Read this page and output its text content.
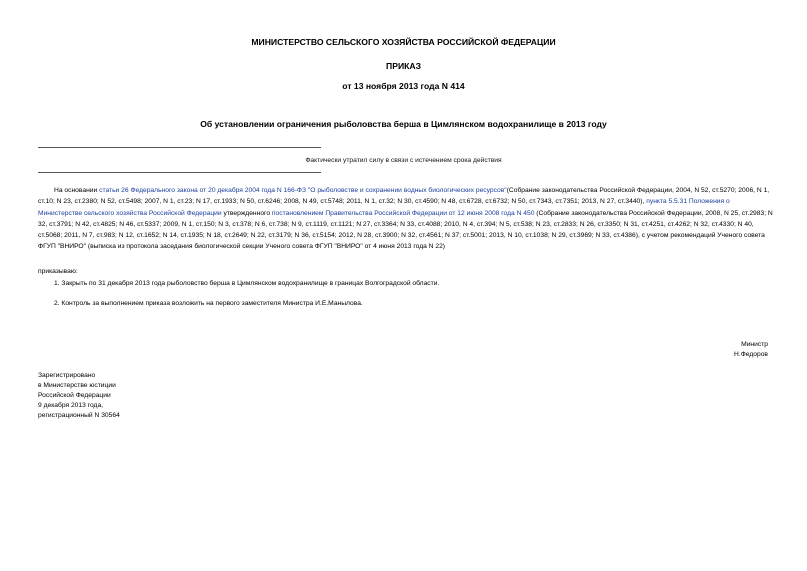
МИНИСТЕРСТВО СЕЛЬСКОГО ХОЗЯЙСТВА РОССИЙСКОЙ ФЕДЕРАЦИИ
ПРИКАЗ
от 13 ноября 2013 года N 414
Об установлении ограничения рыболовства берша в Цимлянском водохранилище в 2013 году
Фактически утратил силу в связи с истечением срока действия
На основании статьи 26 Федерального закона от 20 декабря 2004 года N 166-ФЗ "О рыболовстве и сохранении водных биологических ресурсов"(Собрание законодательства Российской Федерации, 2004, N 52, ст.5270; 2006, N 1, ст.10; N 23, ст.2380; N 52, ст.5498; 2007, N 1, ст.23; N 17, ст.1933; N 50, ст.6246; 2008, N 49, ст.5748; 2011, N 1, ст.32; N 30, ст.4590; N 48, ст.6728, ст.6732; N 50, ст.7343, ст.7351; 2013, N 27, ст.3440), пункта 5.5.31 Положения о Министерстве сельского хозяйства Российской Федерации утвержденного постановлением Правительства Российской Федерации от 12 июня 2008 года N 450 (Собрание законодательства Российской Федерации, 2008, N 25, ст.2983; N 32, ст.3791; N 42, ст.4825; N 46, ст.5337; 2009, N 1, ст.150; N 3, ст.378; N 6, ст.738; N 9, ст.1119, ст.1121; N 27, ст.3364; N 33, ст.4088; 2010, N 4, ст.394; N 5, ст.538; N 23, ст.2833; N 26, ст.3350; N 31, ст.4251, ст.4262; N 32, ст.4330; N 40, ст.5068; 2011, N 7, ст.983; N 12, ст.1652; N 14, ст.1935; N 18, ст.2649; N 22, ст.3179; N 36, ст.5154; 2012, N 28, ст.3900; N 32, ст.4561; N 37; ст.5001; 2013, N 10, ст.1038; N 29, ст.3969; N 33, ст.4386), с учетом рекомендаций Ученого совета ФГУП "ВНИРО" (выписка из протокола заседания биологической секции Ученого совета ФГУП "ВНИРО" от 4 июня 2013 года N 22)
приказываю:
1. Закрыть по 31 декабря 2013 года рыболовство берша в Цимлянском водохранилище в границах Волгоградской области.
2. Контроль за выполнением приказа возложить на первого заместителя Министра И.Е.Манылова.
Министр
Н.Федоров
Зарегистрировано
в Министерстве юстиции
Российской Федерации
9 декабря 2013 года,
регистрационный N 30564
